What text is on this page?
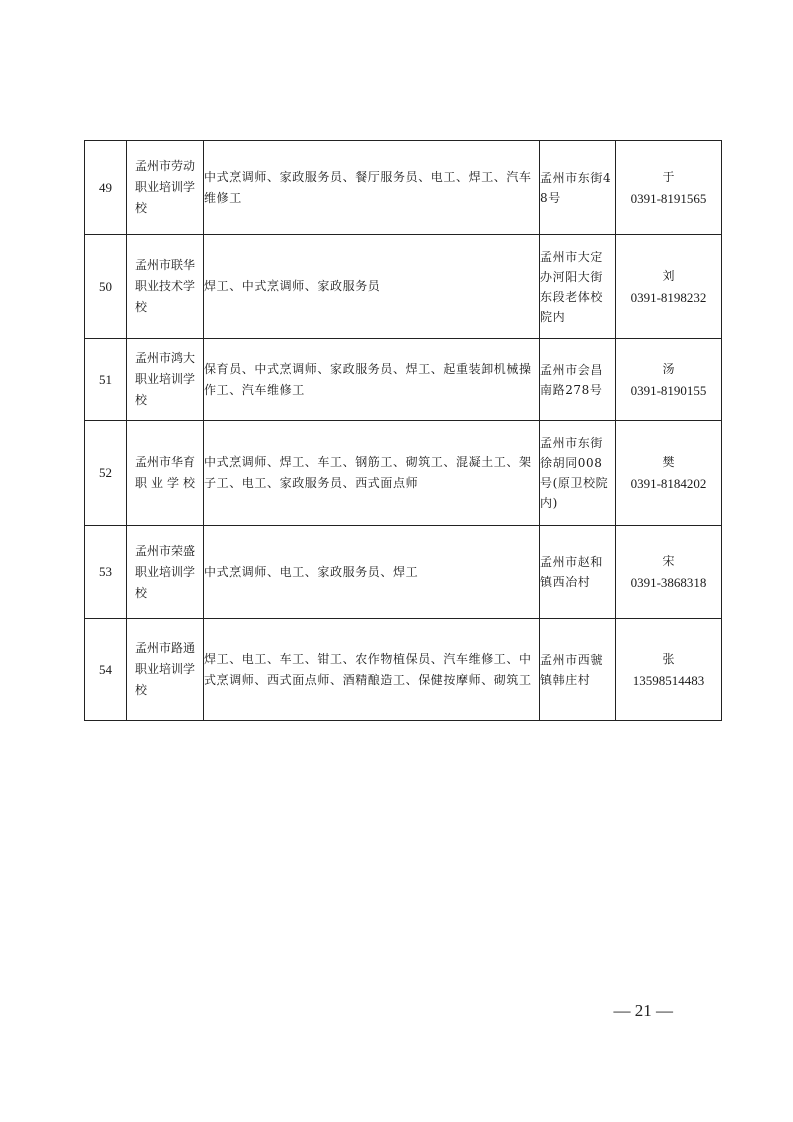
49	孟州市劳动职业培训学校	中式烹调师、家政服务员、餐厅服务员、电工、焊工、汽车维修工	孟州市东街48号	于
0391-8191565

50	孟州市联华职业技术学校	焊工、中式烹调师、家政服务员	孟州市大定办河阳大街东段老体校院内	刘
0391-8198232

51	孟州市鸿大职业培训学校	保育员、中式烹调师、家政服务员、焊工、起重装卸机械操作工、汽车维修工	孟州市会昌南路278号	汤
0391-8190155

52	孟州市华育职业学校	中式烹调师、焊工、车工、钢筋工、砌筑工、混凝土工、架子工、电工、家政服务员、西式面点师	孟州市东街徐胡同008号(原卫校院内)	樊
0391-8184202

53	孟州市荣盛职业培训学校	中式烹调师、电工、家政服务员、焊工	孟州市赵和镇西冶村	宋
0391-3868318

54	孟州市路通职业培训学校	焊工、电工、车工、钳工、农作物植保员、汽车维修工、中式烹调师、西式面点师、酒精酿造工、保健按摩师、砌筑工	孟州市西虢镇韩庄村	张
13598514483
— 21 —
